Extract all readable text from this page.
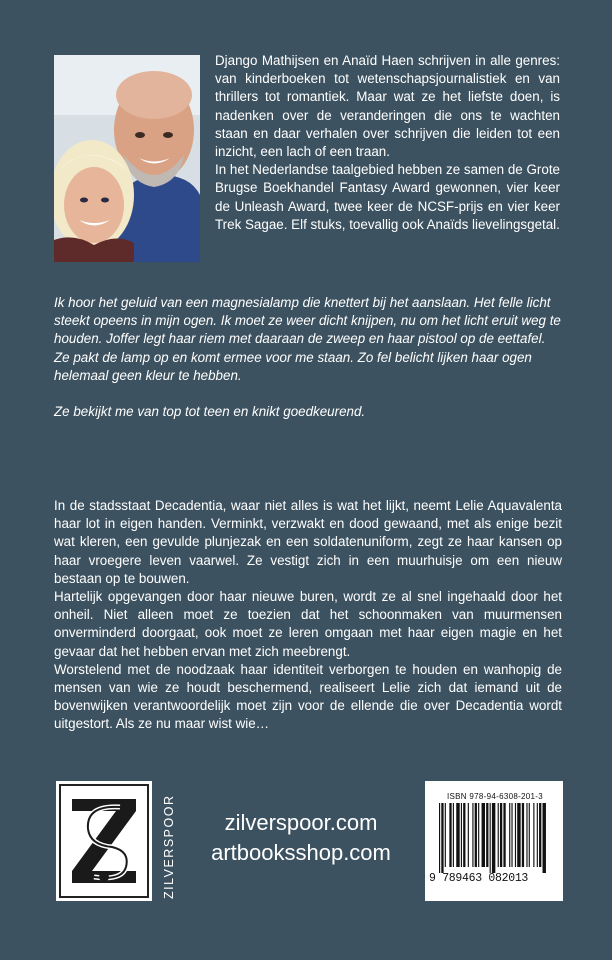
Django Mathijsen en Anaïd Haen schrijven in alle genres: van kinderboeken tot wetenschapsjournalistiek en van thrillers tot romantiek. Maar wat ze het liefste doen, is nadenken over de veranderingen die ons te wachten staan en daar verhalen over schrijven die leiden tot een inzicht, een lach of een traan.

In het Nederlandse taalgebied hebben ze samen de Grote Brugse Boekhandel Fantasy Award gewonnen, vier keer de Unleash Award, twee keer de NCSF-prijs en vier keer Trek Sagae. Elf stuks, toevallig ook Anaïds lievelingsgetal.

Ik hoor het geluid van een magnesialamp die knettert bij het aanslaan. Het felle licht steekt opeens in mijn ogen. Ik moet ze weer dicht knijpen, nu om het licht eruit weg te houden. Joffer legt haar riem met daaraan de zweep en haar pistool op de eettafel. Ze pakt de lamp op en komt ermee voor me staan. Zo fel belicht lijken haar ogen helemaal geen kleur te hebben.

Ze bekijkt me van top tot teen en knikt goedkeurend.

In de stadsstaat Decadentia, waar niet alles is wat het lijkt, neemt Lelie Aquavalenta haar lot in eigen handen. Verminkt, verzwakt en dood gewaand, met als enige bezit wat kleren, een gevulde plunjezak en een soldatenuniform, zegt ze haar kansen op haar vroegere leven vaarwel. Ze vestigt zich in een muurhuisje om een nieuw bestaan op te bouwen.

Hartelijk opgevangen door haar nieuwe buren, wordt ze al snel ingehaald door het onheil. Niet alleen moet ze toezien dat het schoonmaken van muurmensen onverminderd doorgaat, ook moet ze leren omgaan met haar eigen magie en het gevaar dat het hebben ervan met zich meebrengt.

Worstelend met de noodzaak haar identiteit verborgen te houden en wanhopig de mensen van wie ze houdt beschermend, realiseert Lelie zich dat iemand uit de bovenwijken verantwoordelijk moet zijn voor de ellende die over Decadentia wordt uitgestort. Als ze nu maar wist wie…

ZILVERSPOOR	zilverspoor.com
artbooksshop.com
ISBN 978-94-6308-201-3
9 789463 082013
